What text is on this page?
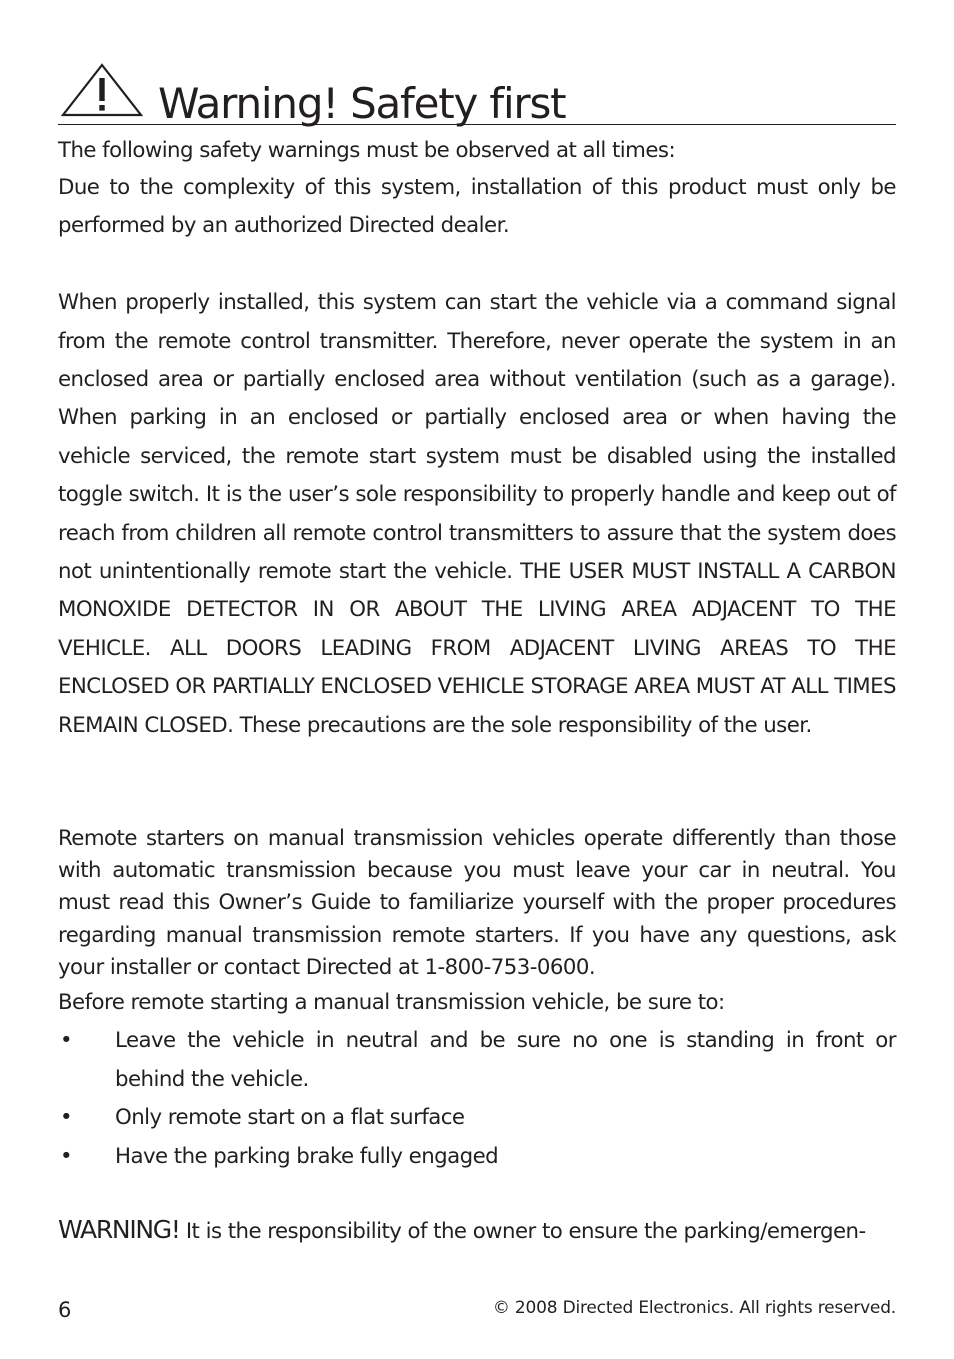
Warning! Safety first

The following safety warnings must be observed at all times:

Due to the complexity of this system, installation of this product must only be performed by an authorized Directed dealer.

When properly installed, this system can start the vehicle via a command signal from the remote control transmitter. Therefore, never operate the system in an enclosed area or partially enclosed area without ventilation (such as a garage). When parking in an enclosed or partially enclosed area or when having the vehicle serviced, the remote start system must be disabled using the installed toggle switch. It is the user’s sole responsibility to properly handle and keep out of reach from children all remote control transmitters to assure that the system does not unintentionally remote start the vehicle. THE USER MUST INSTALL A CARBON MONOXIDE DETECTOR IN OR ABOUT THE LIVING AREA ADJACENT TO THE VEHICLE. ALL DOORS LEADING FROM ADJACENT LIVING AREAS TO THE ENCLOSED OR PARTIALLY ENCLOSED VEHICLE STORAGE AREA MUST AT ALL TIMES REMAIN CLOSED. These precautions are the sole responsibility of the user.

Remote starters on manual transmission vehicles operate differently than those with automatic transmission because you must leave your car in neutral. You must read this Owner’s Guide to familiarize yourself with the proper procedures regarding manual transmission remote starters. If you have any questions, ask your installer or contact Directed at 1-800-753-0600.

Before remote starting a manual transmission vehicle, be sure to:

• Leave the vehicle in neutral and be sure no one is standing in front or behind the vehicle.
• Only remote start on a flat surface
• Have the parking brake fully engaged
WARNING! It is the responsibility of the owner to ensure the parking/emergen-
6	© 2008 Directed Electronics. All rights reserved.
